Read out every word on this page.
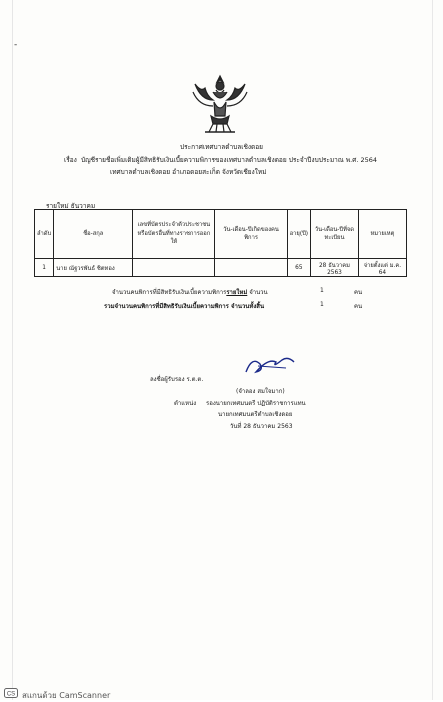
-
ประกาศเทศบาลตำบลเชิงดอย
เรื่อง บัญชีรายชื่อเพิ่มเติมผู้มีสิทธิรับเงินเบี้ยความพิการของเทศบาลตำบลเชิงดอย ประจำปีงบประมาณ พ.ศ. 2564
เทศบาลตำบลเชิงดอย อำเภอดอยสะเก็ด จังหวัดเชียงใหม่
รายใหม่ ธันวาคม
ลำดับ	ชื่อ-สกุล	เลขที่บัตรประจำตัวประชาชนหรือบัตรอื่นที่ทางราชการออกให้	วัน-เดือน-ปีเกิดของคนพิการ	อายุ(ปี)	วัน-เดือน-ปีที่จดทะเบียน	หมายเหตุ
1	นาย ณัฐวรพันธ์ ชิตทอง			65	28 ธันวาคม 2563	จ่ายตั้งแต่ ม.ค. 64
จำนวนคนพิการที่มีสิทธิรับเงินเบี้ยความพิการรายใหม่ จำนวน	1	คน
รวมจำนวนคนพิการที่มีสิทธิรับเงินเบี้ยความพิการ จำนวนทั้งสิ้น	1	คน
ลงชื่อผู้รับรอง ร.ต.ต.
(จำลอง สมใจมาก)
ตำแหน่ง รองนายกเทศมนตรี ปฏิบัติราชการแทน
นายกเทศมนตรีตำบลเชิงดอย
วันที่ 28 ธันวาคม 2563
CS สแกนด้วย CamScanner
